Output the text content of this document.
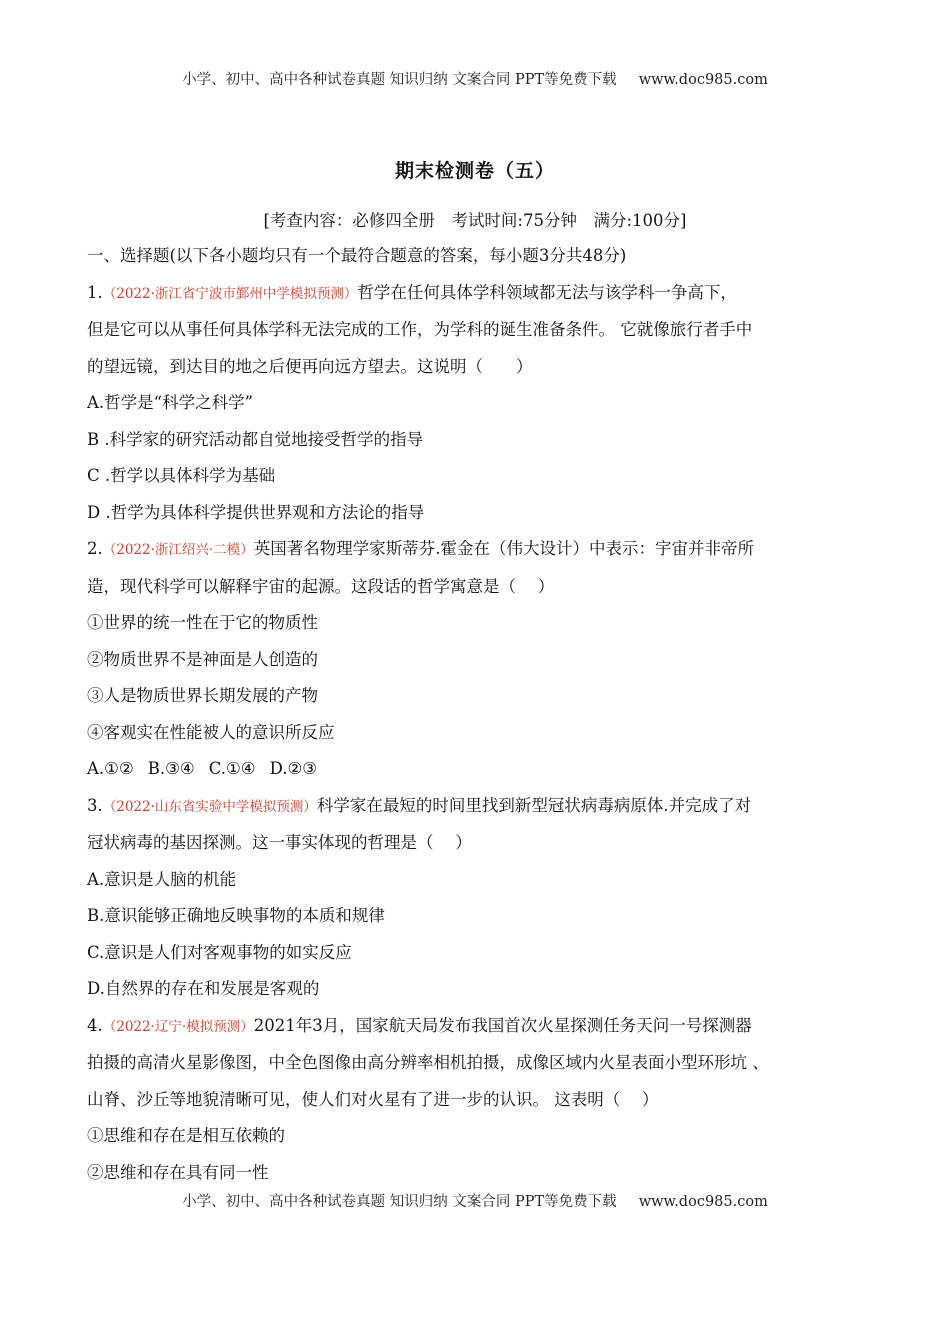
小学、初中、高中各种试卷真题 知识归纳 文案合同 PPT等免费下载 www.doc985.com
期末检测卷（五）
[考查内容：必修四全册　考试时间:75分钟　满分:100分]

一、选择题(以下各小题均只有一个最符合题意的答案，每小题3分共48分)

1.（2022·浙江省宁波市鄞州中学模拟预测）哲学在任何具体学科领域都无法与该学科一争高下，

但是它可以从事任何具体学科无法完成的工作，为学科的诞生准备条件。 它就像旅行者手中

的望远镜，到达目的地之后便再向远方望去。这说明（　　）

A.哲学是“科学之科学”

B .科学家的研究活动都自觉地接受哲学的指导

C .哲学以具体科学为基础

D .哲学为具体科学提供世界观和方法论的指导

2.（2022·浙江绍兴·二模）英国著名物理学家斯蒂芬.霍金在（伟大设计）中表示：宇宙并非帝所

造，现代科学可以解释宇宙的起源。这段话的哲学寓意是（　 ）

①世界的统一性在于它的物质性

②物质世界不是神面是人创造的

③人是物质世界长期发展的产物

④客观实在性能被人的意识所反应

A.①② B.③④ C.①④ D.②③

3.（2022·山东省实验中学模拟预测）科学家在最短的时间里找到新型冠状病毒病原体.并完成了对

冠状病毒的基因探测。这一事实体现的哲理是（　 ）

A.意识是人脑的机能

B.意识能够正确地反映事物的本质和规律

C.意识是人们对客观事物的如实反应

D.自然界的存在和发展是客观的

4.（2022·辽宁·模拟预测）2021年3月，国家航天局发布我国首次火星探测任务天问一号探测器

拍摄的高清火星影像图，中全色图像由高分辨率相机拍摄，成像区域内火星表面小型环形坑 、

山脊、沙丘等地貌清晰可见，使人们对火星有了进一步的认识。 这表明（　 ）

①思维和存在是相互依赖的

②思维和存在具有同一性

小学、初中、高中各种试卷真题 知识归纳 文案合同 PPT等免费下载 www.doc985.com
